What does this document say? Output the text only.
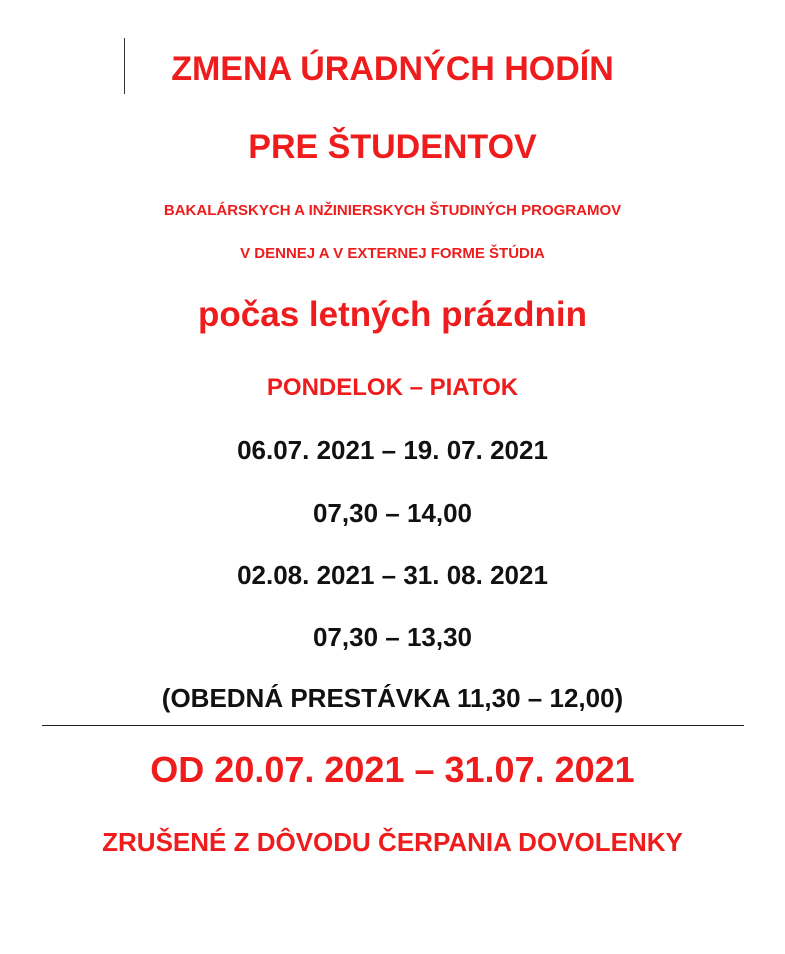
ZMENA ÚRADNÝCH HODÍN
PRE ŠTUDENTOV
BAKALÁRSKYCH A INŽINIERSKYCH ŠTUDINÝCH PROGRAMOV
V DENNEJ A V EXTERNEJ FORME ŠTÚDIA
počas letných prázdnin
PONDELOK – PIATOK
06.07. 2021 – 19. 07. 2021
07,30 – 14,00
02.08. 2021 – 31. 08. 2021
07,30 – 13,30
(OBEDNÁ PRESTÁVKA 11,30 – 12,00)
OD 20.07. 2021 – 31.07. 2021
ZRUŠENÉ Z DÔVODU ČERPANIA DOVOLENKY
